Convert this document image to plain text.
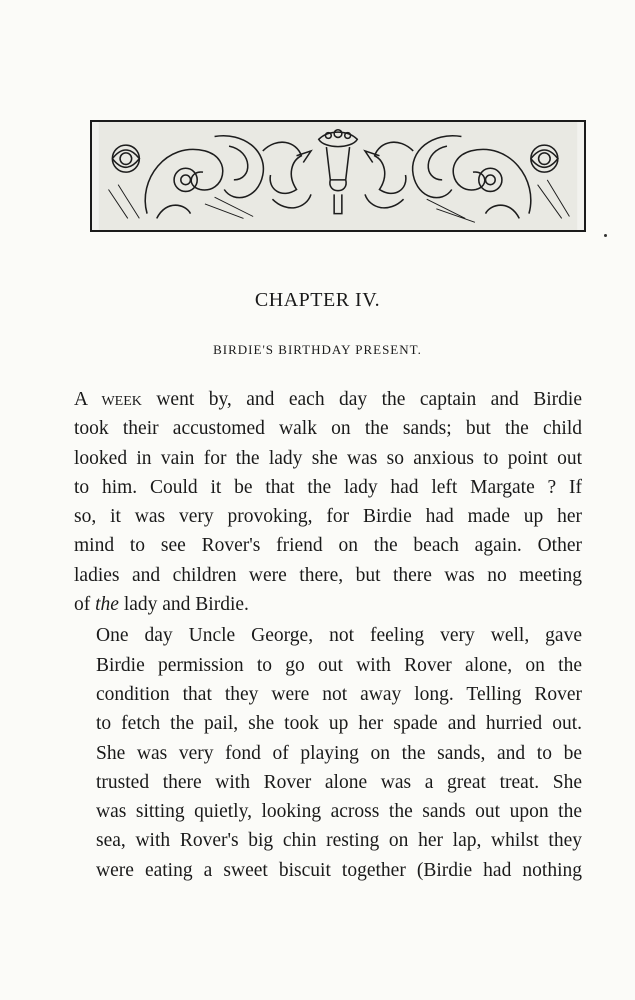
CHAPTER IV.
BIRDIE'S BIRTHDAY PRESENT.

A week went by, and each day the captain and Birdie
took their accustomed walk on the sands; but the child
looked in vain for the lady she was so anxious to point out
to him. Could it be that the lady had left Margate ? If
so, it was very provoking, for Birdie had made up her
mind to see Rover's friend on the beach again. Other
ladies and children were there, but there was no meeting
of the lady and Birdie.

One day Uncle George, not feeling very well, gave
Birdie permission to go out with Rover alone, on the
condition that they were not away long. Telling Rover
to fetch the pail, she took up her spade and hurried out.
She was very fond of playing on the sands, and to be
trusted there with Rover alone was a great treat. She
was sitting quietly, looking across the sands out upon the
sea, with Rover's big chin resting on her lap, whilst they
were eating a sweet biscuit together (Birdie had nothing
